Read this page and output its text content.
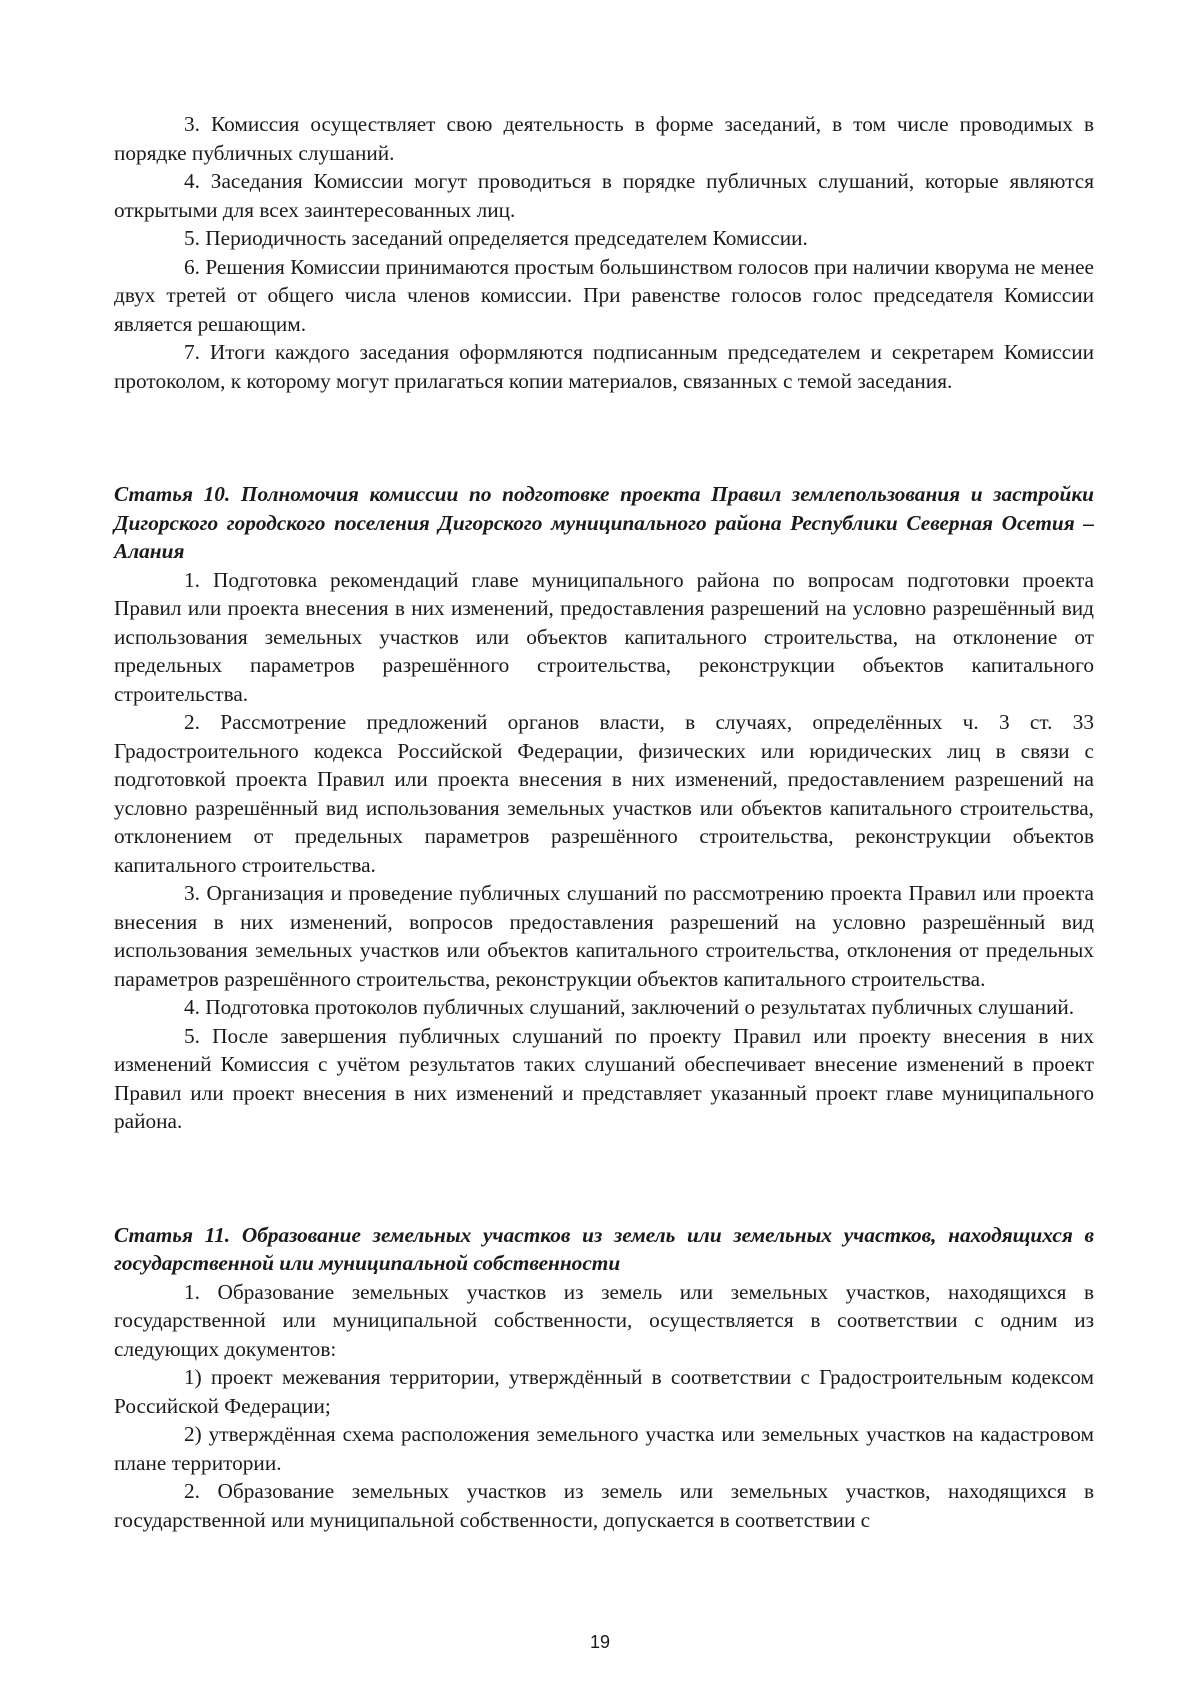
3. Комиссия осуществляет свою деятельность в форме заседаний, в том числе проводимых в порядке публичных слушаний.

4. Заседания Комиссии могут проводиться в порядке публичных слушаний, которые являются открытыми для всех заинтересованных лиц.

5. Периодичность заседаний определяется председателем Комиссии.

6. Решения Комиссии принимаются простым большинством голосов при наличии кворума не менее двух третей от общего числа членов комиссии. При равенстве голосов голос председателя Комиссии является решающим.

7. Итоги каждого заседания оформляются подписанным председателем и секретарем Комиссии протоколом, к которому могут прилагаться копии материалов, связанных с темой заседания.

Статья 10. Полномочия комиссии по подготовке проекта Правил землепользования и застройки Дигорского городского поселения Дигорского муниципального района Республики Северная Осетия – Алания

1. Подготовка рекомендаций главе муниципального района по вопросам подготовки проекта Правил или проекта внесения в них изменений, предоставления разрешений на условно разрешённый вид использования земельных участков или объектов капитального строительства, на отклонение от предельных параметров разрешённого строительства, реконструкции объектов капитального строительства.

2. Рассмотрение предложений органов власти, в случаях, определённых ч. 3 ст. 33 Градостроительного кодекса Российской Федерации, физических или юридических лиц в связи с подготовкой проекта Правил или проекта внесения в них изменений, предоставлением разрешений на условно разрешённый вид использования земельных участков или объектов капитального строительства, отклонением от предельных параметров разрешённого строительства, реконструкции объектов капитального строительства.

3. Организация и проведение публичных слушаний по рассмотрению проекта Правил или проекта внесения в них изменений, вопросов предоставления разрешений на условно разрешённый вид использования земельных участков или объектов капитального строительства, отклонения от предельных параметров разрешённого строительства, реконструкции объектов капитального строительства.

4. Подготовка протоколов публичных слушаний, заключений о результатах публичных слушаний.

5. После завершения публичных слушаний по проекту Правил или проекту внесения в них изменений Комиссия с учётом результатов таких слушаний обеспечивает внесение изменений в проект Правил или проект внесения в них изменений и представляет указанный проект главе муниципального района.

Статья 11. Образование земельных участков из земель или земельных участков, находящихся в государственной или муниципальной собственности

1. Образование земельных участков из земель или земельных участков, находящихся в государственной или муниципальной собственности, осуществляется в соответствии с одним из следующих документов:

1) проект межевания территории, утверждённый в соответствии с Градостроительным кодексом Российской Федерации;

2) утверждённая схема расположения земельного участка или земельных участков на кадастровом плане территории.

2. Образование земельных участков из земель или земельных участков, находящихся в государственной или муниципальной собственности, допускается в соответствии с

19
